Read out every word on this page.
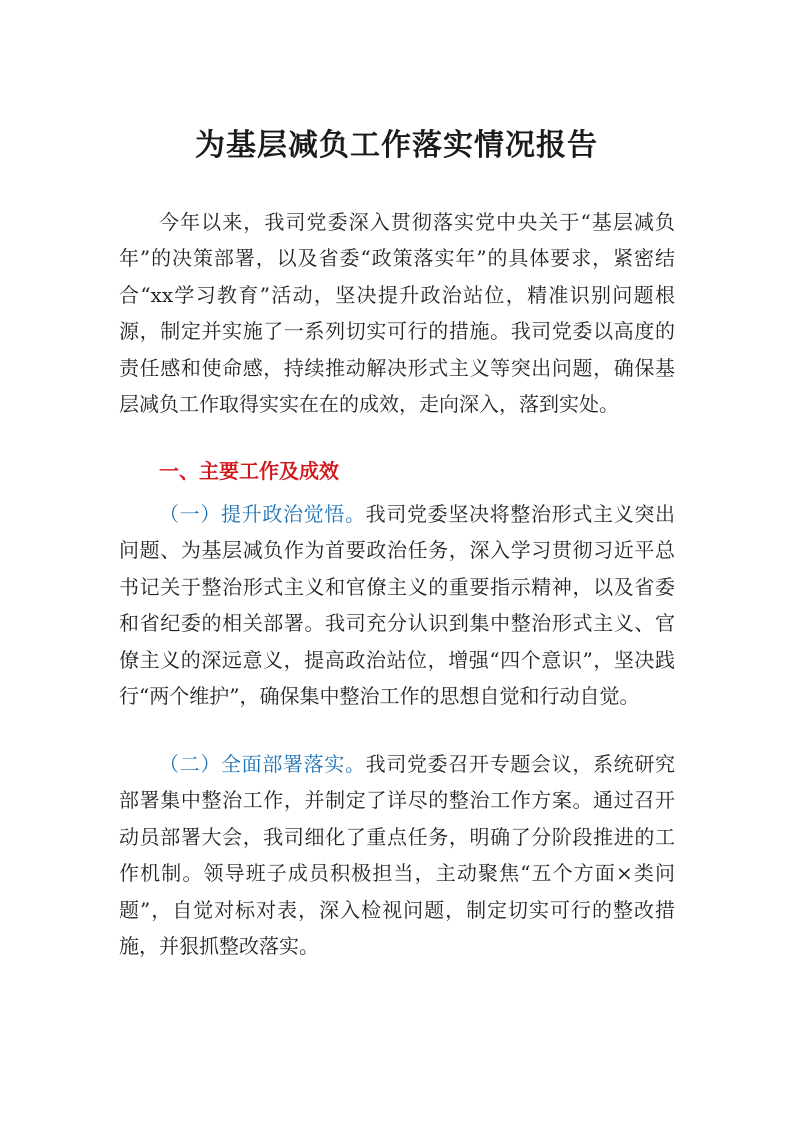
为基层减负工作落实情况报告

今年以来，我司党委深入贯彻落实党中央关于“基层减负年”的决策部署，以及省委“政策落实年”的具体要求，紧密结合“xx学习教育”活动，坚决提升政治站位，精准识别问题根源，制定并实施了一系列切实可行的措施。我司党委以高度的责任感和使命感，持续推动解决形式主义等突出问题，确保基层减负工作取得实实在在的成效，走向深入，落到实处。

一、主要工作及成效

（一）提升政治觉悟。我司党委坚决将整治形式主义突出问题、为基层减负作为首要政治任务，深入学习贯彻习近平总书记关于整治形式主义和官僚主义的重要指示精神，以及省委和省纪委的相关部署。我司充分认识到集中整治形式主义、官僚主义的深远意义，提高政治站位，增强“四个意识”，坚决践行“两个维护”，确保集中整治工作的思想自觉和行动自觉。

（二）全面部署落实。我司党委召开专题会议，系统研究部署集中整治工作，并制定了详尽的整治工作方案。通过召开动员部署大会，我司细化了重点任务，明确了分阶段推进的工作机制。领导班子成员积极担当，主动聚焦“五个方面×类问题”，自觉对标对表，深入检视问题，制定切实可行的整改措施，并狠抓整改落实。
